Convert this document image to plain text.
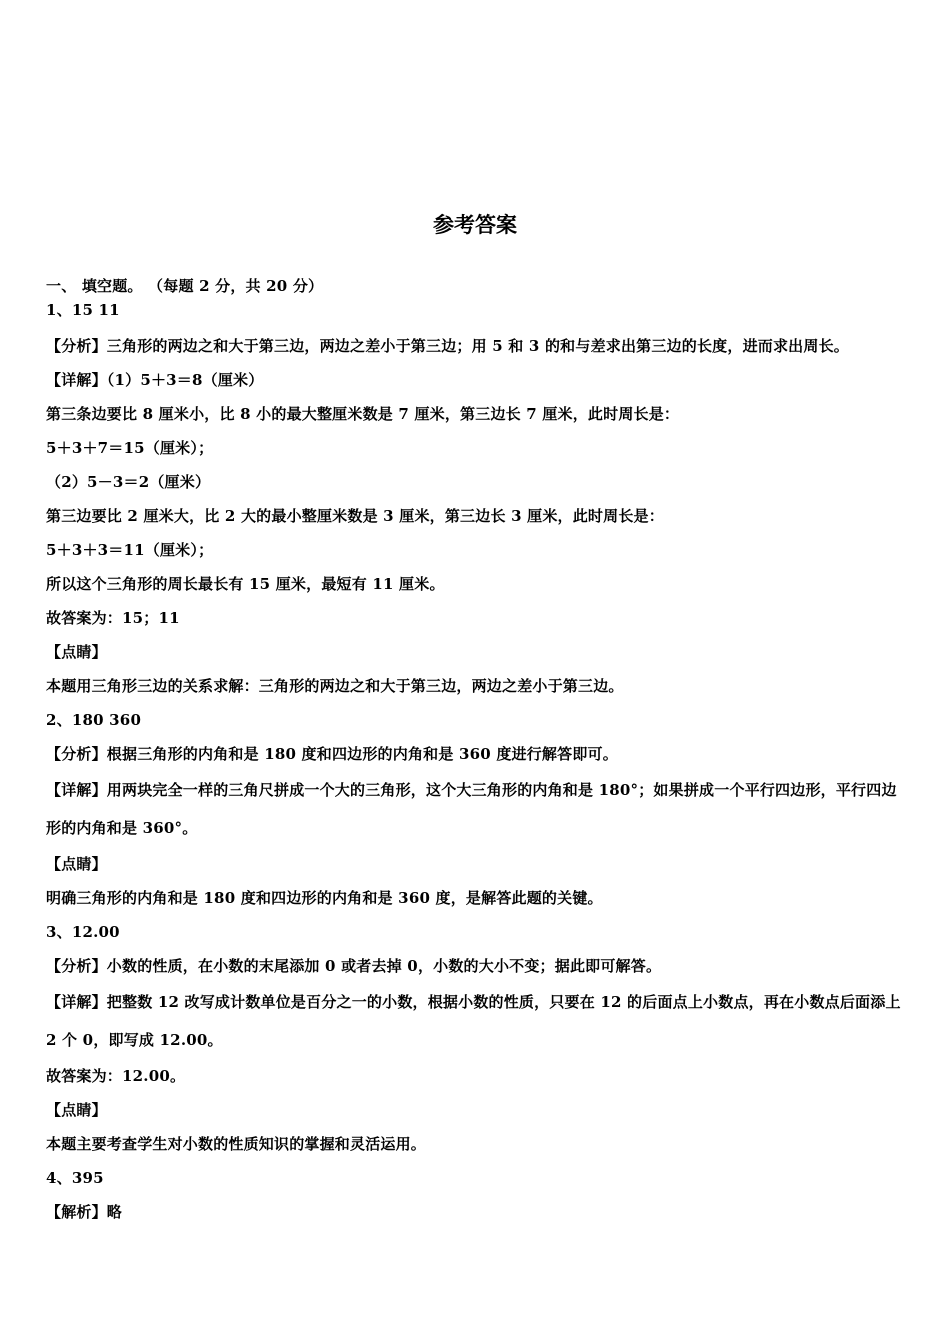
参考答案
一、 填空题。 （每题 2 分，共 20 分）
1、15 11
【分析】三角形的两边之和大于第三边，两边之差小于第三边；用 5 和 3 的和与差求出第三边的长度，进而求出周长。
【详解】（1）5＋3＝8（厘米）
第三条边要比 8 厘米小，比 8 小的最大整厘米数是 7 厘米，第三边长 7 厘米，此时周长是：
5＋3＋7＝15（厘米）；
（2）5－3＝2（厘米）
第三边要比 2 厘米大，比 2 大的最小整厘米数是 3 厘米，第三边长 3 厘米，此时周长是：
5＋3＋3＝11（厘米）；
所以这个三角形的周长最长有 15 厘米，最短有 11 厘米。
故答案为：15；11
【点睛】
本题用三角形三边的关系求解：三角形的两边之和大于第三边，两边之差小于第三边。
2、180 360
【分析】根据三角形的内角和是 180 度和四边形的内角和是 360 度进行解答即可。
【详解】用两块完全一样的三角尺拼成一个大的三角形，这个大三角形的内角和是 180°；如果拼成一个平行四边形，平行四边形的内角和是 360°。
【点睛】
明确三角形的内角和是 180 度和四边形的内角和是 360 度，是解答此题的关键。
3、12.00
【分析】小数的性质，在小数的末尾添加 0 或者去掉 0，小数的大小不变；据此即可解答。
【详解】把整数 12 改写成计数单位是百分之一的小数，根据小数的性质，只要在 12 的后面点上小数点，再在小数点后面添上 2 个 0，即写成 12.00。
故答案为：12.00。
【点睛】
本题主要考查学生对小数的性质知识的掌握和灵活运用。
4、395
【解析】略
